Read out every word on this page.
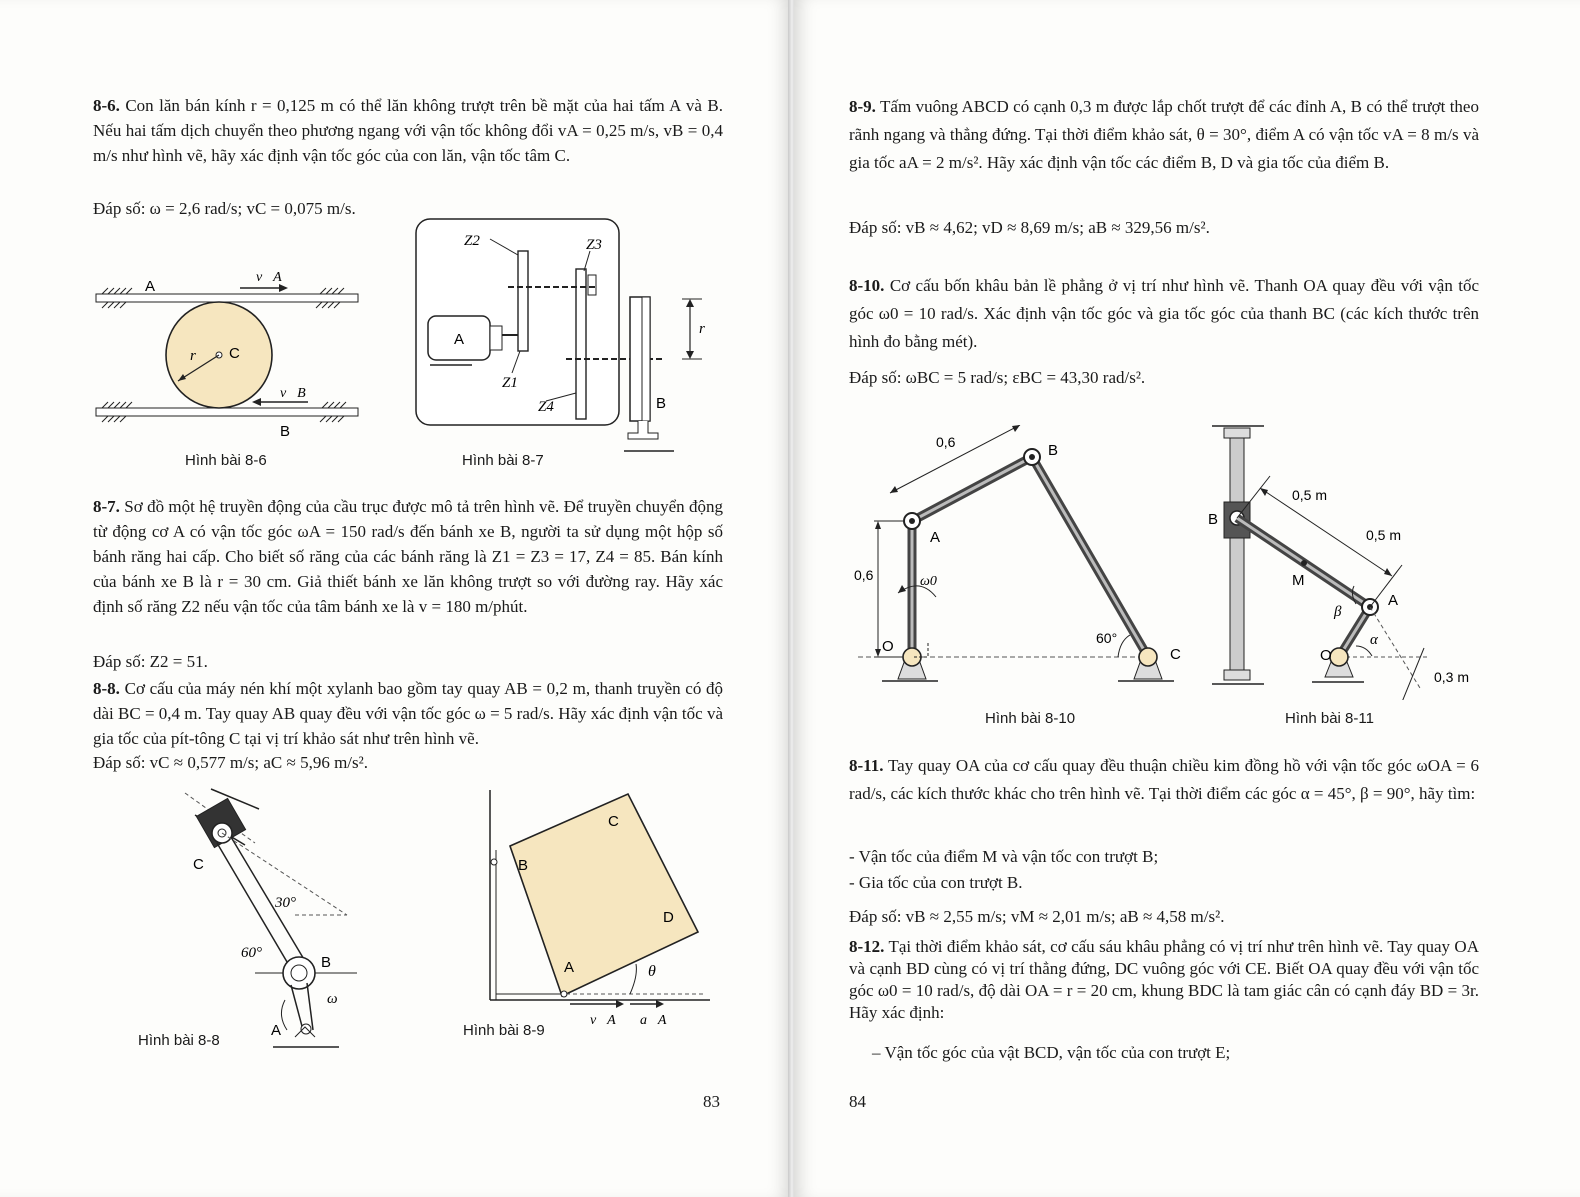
8-6. Con lăn bán kính r = 0,125 m có thể lăn không trượt trên bề mặt của hai tấm A và B. Nếu hai tấm dịch chuyển theo phương ngang với vận tốc không đổi vA = 0,25 m/s, vB = 0,4 m/s như hình vẽ, hãy xác định vận tốc góc của con lăn, vận tốc tâm C.
Đáp số: ω = 2,6 rad/s; vC = 0,075 m/s.
A
B
C
r
v⃗A
v⃗B
Hình bài 8-6
Z2	Z3
Z1
Z4
A
B
r
Hình bài 8-7
8-7. Sơ đồ một hệ truyền động của cầu trục được mô tả trên hình vẽ. Để truyền chuyển động từ động cơ A có vận tốc góc ωA = 150 rad/s đến bánh xe B, người ta sử dụng một hộp số bánh răng hai cấp. Cho biết số răng của các bánh răng là Z1 = Z3 = 17, Z4 = 85. Bán kính của bánh xe B là r = 30 cm. Giả thiết bánh xe lăn không trượt so với đường ray. Hãy xác định số răng Z2 nếu vận tốc của tâm bánh xe là v = 180 m/phút.
Đáp số: Z2 = 51.
8-8. Cơ cấu của máy nén khí một xylanh bao gồm tay quay AB = 0,2 m, thanh truyền có độ dài BC = 0,4 m. Tay quay AB quay đều với vận tốc góc ω = 5 rad/s. Hãy xác định vận tốc và gia tốc của pít-tông C tại vị trí khảo sát như trên hình vẽ.
Đáp số: vC ≈ 0,577 m/s; aC ≈ 5,96 m/s².
C
B
A
30°
60°
ω⃗
Hình bài 8-8
A
B
C
D
θ
v⃗A a⃗A
Hình bài 8-9
83
8-9. Tấm vuông ABCD có cạnh 0,3 m được lắp chốt trượt để các đỉnh A, B có thể trượt theo rãnh ngang và thẳng đứng. Tại thời điểm khảo sát, θ = 30°, điểm A có vận tốc vA = 8 m/s và gia tốc aA = 2 m/s². Hãy xác định vận tốc các điểm B, D và gia tốc của điểm B.
Đáp số: vB ≈ 4,62; vD ≈ 8,69 m/s; aB ≈ 329,56 m/s².
8-10. Cơ cấu bốn khâu bản lề phẳng ở vị trí như hình vẽ. Thanh OA quay đều với vận tốc góc ω0 = 10 rad/s. Xác định vận tốc góc và gia tốc góc của thanh BC (các kích thước trên hình đo bằng mét).
Đáp số: ωBC = 5 rad/s; εBC = 43,30 rad/s².
0,6
0,6
60°
O
A
B
C
ω0
Hình bài 8-10
0,5 m
0,5 m
0,3 m
B
M
A
O
β
α
Hình bài 8-11
8-11. Tay quay OA của cơ cấu quay đều thuận chiều kim đồng hồ với vận tốc góc ωOA = 6 rad/s, các kích thước khác cho trên hình vẽ. Tại thời điểm các góc α = 45°, β = 90°, hãy tìm:
- Vận tốc của điểm M và vận tốc con trượt B;
- Gia tốc của con trượt B.
Đáp số: vB ≈ 2,55 m/s; vM ≈ 2,01 m/s; aB ≈ 4,58 m/s².
8-12. Tại thời điểm khảo sát, cơ cấu sáu khâu phẳng có vị trí như trên hình vẽ. Tay quay OA và cạnh BD cùng có vị trí thẳng đứng, DC vuông góc với CE. Biết OA quay đều với vận tốc góc ω0 = 10 rad/s, độ dài OA = r = 20 cm, khung BDC là tam giác cân có cạnh đáy BD = 3r. Hãy xác định:
– Vận tốc góc của vật BCD, vận tốc của con trượt E;
84
